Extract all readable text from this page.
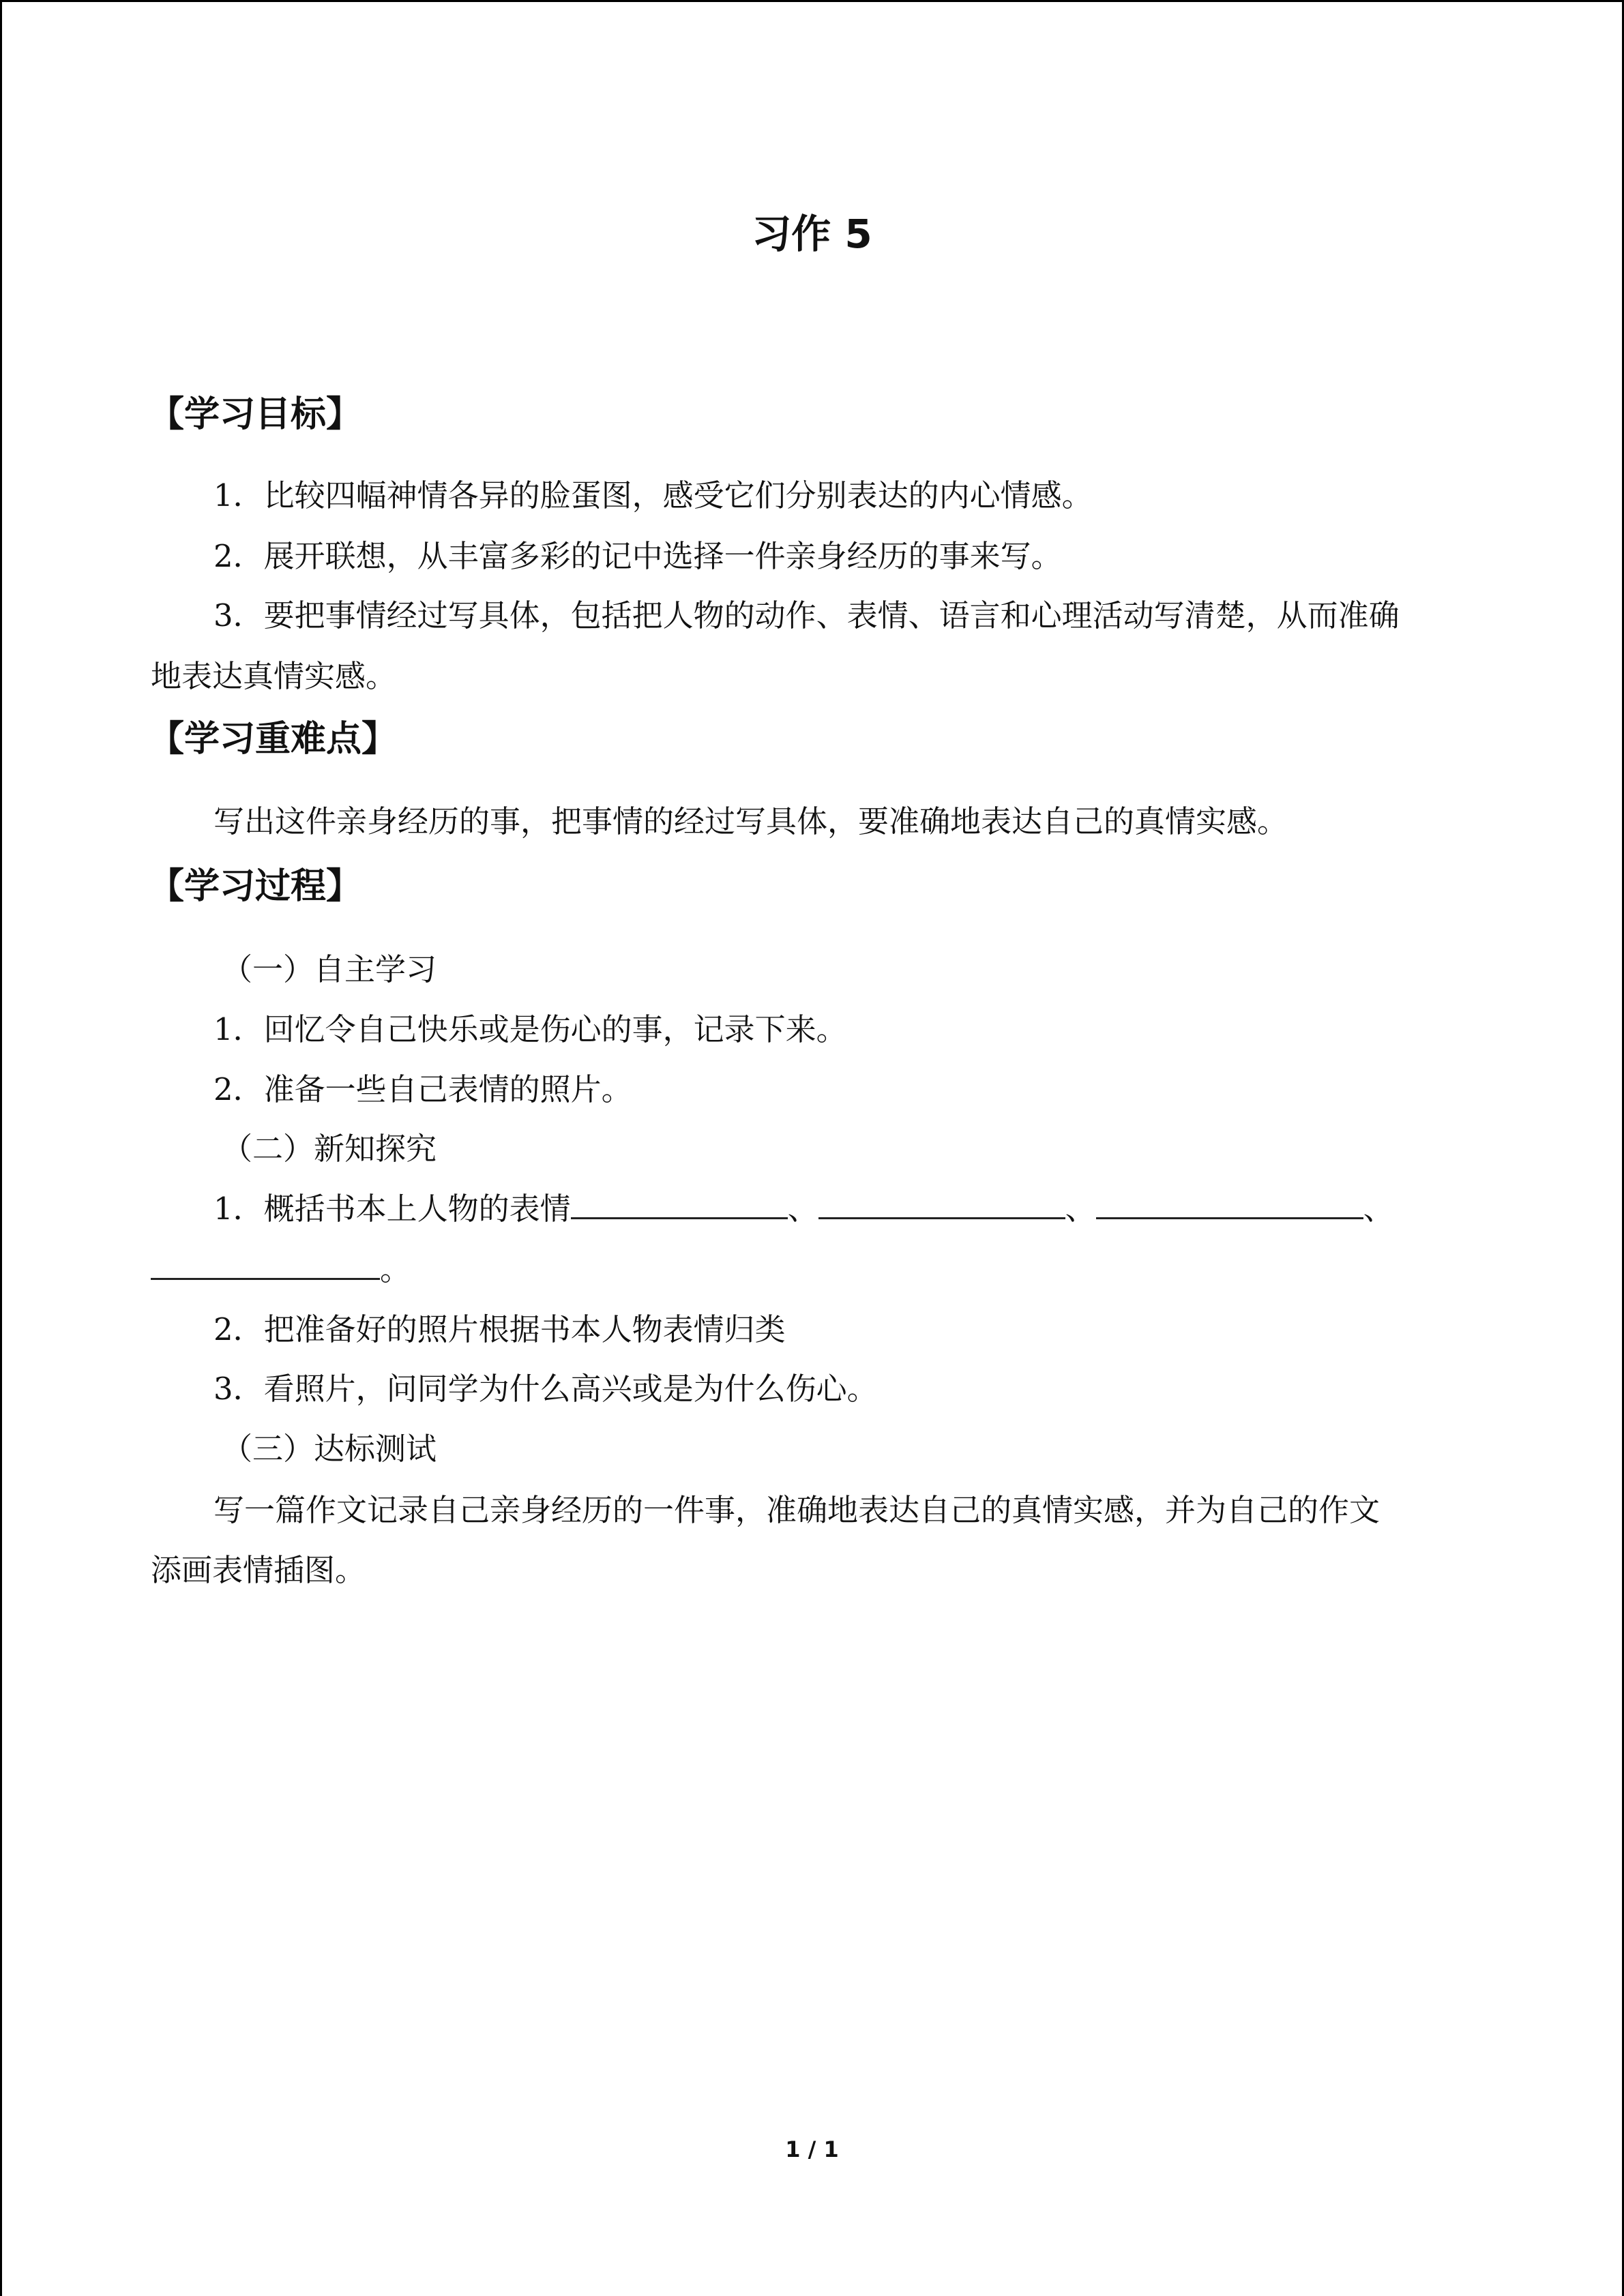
习作 5
【学习目标】
1．比较四幅神情各异的脸蛋图，感受它们分别表达的内心情感。
2．展开联想，从丰富多彩的记中选择一件亲身经历的事来写。
3．要把事情经过写具体，包括把人物的动作、表情、语言和心理活动写清楚，从而准确
地表达真情实感。
【学习重难点】
写出这件亲身经历的事，把事情的经过写具体，要准确地表达自己的真情实感。
【学习过程】
（一）自主学习
1．回忆令自己快乐或是伤心的事，记录下来。
2．准备一些自己表情的照片。
（二）新知探究
1．概括书本上人物的表情	、	、	、
。
2．把准备好的照片根据书本人物表情归类
3．看照片，问同学为什么高兴或是为什么伤心。
（三）达标测试
写一篇作文记录自己亲身经历的一件事，准确地表达自己的真情实感，并为自己的作文
添画表情插图。
1 / 1
